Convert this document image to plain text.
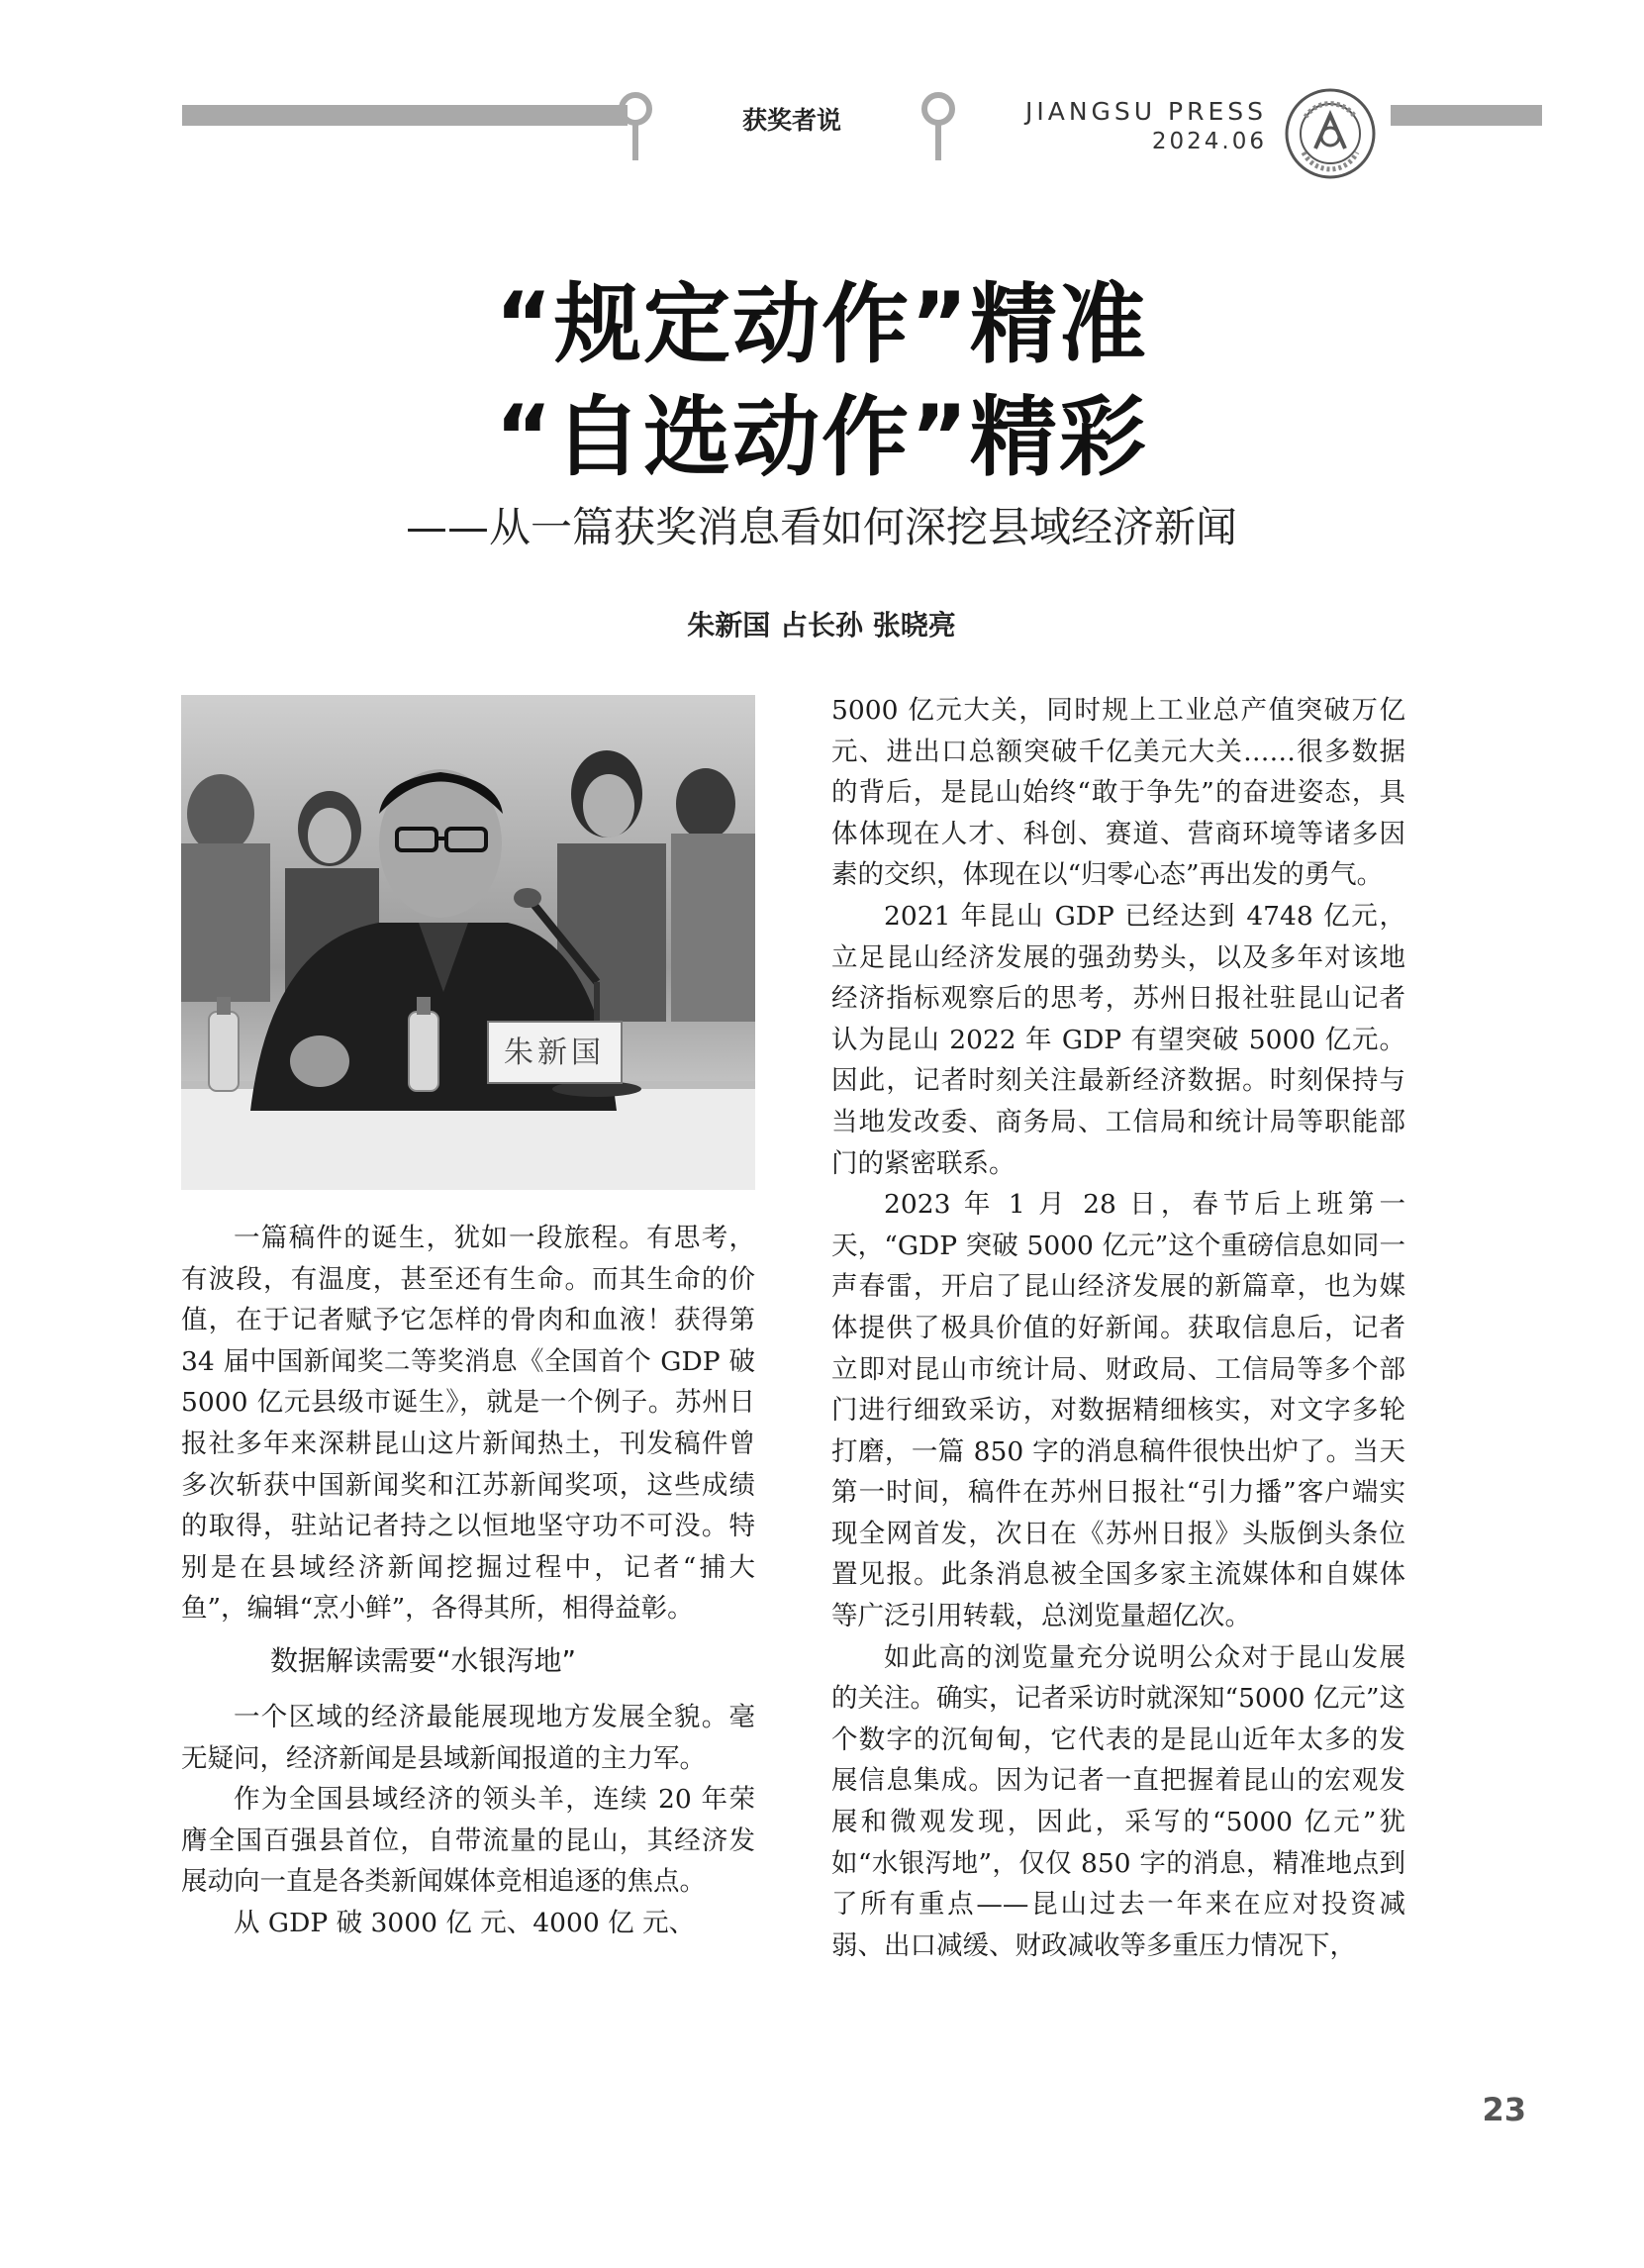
获奖者说	JIANGSU PRESS
2024.06
“规定动作”精准
“自选动作”精彩
——从一篇获奖消息看如何深挖县域经济新闻
朱新国 占长孙 张晓亮
朱新国

一篇稿件的诞生，犹如一段旅程。有思考，有波段，有温度，甚至还有生命。而其生命的价值，在于记者赋予它怎样的骨肉和血液！获得第 34 届中国新闻奖二等奖消息《全国首个 GDP 破 5000 亿元县级市诞生》，就是一个例子。苏州日报社多年来深耕昆山这片新闻热土，刊发稿件曾多次斩获中国新闻奖和江苏新闻奖项，这些成绩的取得，驻站记者持之以恒地坚守功不可没。特别是在县域经济新闻挖掘过程中，记者“捕大鱼”，编辑“烹小鲜”，各得其所，相得益彰。

数据解读需要“水银泻地”

一个区域的经济最能展现地方发展全貌。毫无疑问，经济新闻是县域新闻报道的主力军。

作为全国县域经济的领头羊，连续 20 年荣膺全国百强县首位，自带流量的昆山，其经济发展动向一直是各类新闻媒体竞相追逐的焦点。

从 GDP 破 3000 亿 元、4000 亿 元、

5000 亿元大关，同时规上工业总产值突破万亿元、进出口总额突破千亿美元大关……很多数据的背后，是昆山始终“敢于争先”的奋进姿态，具体体现在人才、科创、赛道、营商环境等诸多因素的交织，体现在以“归零心态”再出发的勇气。

2021 年昆山 GDP 已经达到 4748 亿元，立足昆山经济发展的强劲势头，以及多年对该地经济指标观察后的思考，苏州日报社驻昆山记者认为昆山 2022 年 GDP 有望突破 5000 亿元。因此，记者时刻关注最新经济数据。时刻保持与当地发改委、商务局、工信局和统计局等职能部门的紧密联系。

2023 年 1 月 28 日，春节后上班第一天，“GDP 突破 5000 亿元”这个重磅信息如同一声春雷，开启了昆山经济发展的新篇章，也为媒体提供了极具价值的好新闻。获取信息后，记者立即对昆山市统计局、财政局、工信局等多个部门进行细致采访，对数据精细核实，对文字多轮打磨，一篇 850 字的消息稿件很快出炉了。当天第一时间，稿件在苏州日报社“引力播”客户端实现全网首发，次日在《苏州日报》头版倒头条位置见报。此条消息被全国多家主流媒体和自媒体等广泛引用转载，总浏览量超亿次。

如此高的浏览量充分说明公众对于昆山发展的关注。确实，记者采访时就深知“5000 亿元”这个数字的沉甸甸，它代表的是昆山近年太多的发展信息集成。因为记者一直把握着昆山的宏观发展和微观发现，因此，采写的“5000 亿元”犹如“水银泻地”，仅仅 850 字的消息，精准地点到了所有重点——昆山过去一年来在应对投资减弱、出口减缓、财政减收等多重压力情况下，

23
